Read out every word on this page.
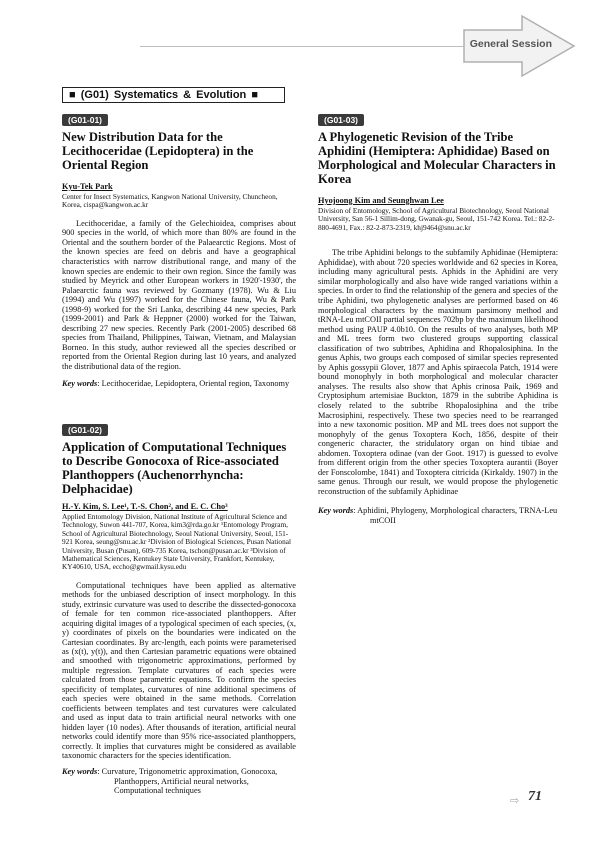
General Session
■ (G01) Systematics & Evolution ■
(G01-01)
New Distribution Data for the Lecithoceridae (Lepidoptera) in the Oriental Region
Kyu-Tek Park
Center for Insect Systematics, Kangwon National University, Chuncheon, Korea, cispa@kangwon.ac.kr
Lecithoceridae, a family of the Gelechioidea, comprises about 900 species in the world, of which more than 80% are found in the Oriental and the southern border of the Palaearctic Regions. Most of the known species are feed on debris and have a geographical characteristics with narrow distributional range, and many of the known species are endemic to their own region. Since the family was studied by Meyrick and other European workers in 1920'-1930', the Palaearctic fauna was reviewed by Gozmany (1978). Wu & Liu (1994) and Wu (1997) worked for the Chinese fauna, Wu & Park (1998-9) worked for the Sri Lanka, describing 44 new species, Park (1999-2001) and Park & Heppner (2000) worked for the Taiwan, describing 27 new species. Recently Park (2001-2005) described 68 species from Thailand, Philippines, Taiwan, Vietnam, and Malaysian Borneo. In this study, author reviewed all the species described or reported from the Oriental Region during last 10 years, and analyzed the distributional data of the region.
Key words: Lecithoceridae, Lepidoptera, Oriental region, Taxonomy
(G01-02)
Application of Computational Techniques to Describe Gonocoxa of Rice-associated Planthoppers (Auchenorrhyncha: Delphacidae)
H.-Y. Kim, S. Lee¹, T.-S. Chon², and E. C. Cho³
Applied Entomology Division, National Institute of Agricultural Science and Technology, Suwon 441-707, Korea, kim3@rda.go.kr ¹Entomology Program, School of Agricultural Biotechnology, Seoul National University, Seoul, 151-921 Korea, seung@snu.ac.kr ²Division of Biological Sciences, Pusan National University, Busan (Pusan), 609-735 Korea, tschon@pusan.ac.kr ³Division of Mathematical Sciences, Kentukey State University, Frankfort, Kentukey, KY40610, USA, eccho@gwmail.kysu.edu
Computational techniques have been applied as alternative methods for the unbiased description of insect morphology. In this study, extrinsic curvature was used to describe the dissected-gonocoxa of female for ten common rice-associated planthoppers. After acquiring digital images of a typological specimen of each species, (x, y) coordinates of pixels on the boundaries were indicated on the Cartesian coordinates. By arc-length, each points were parameterised as (x(t), y(t)), and then Cartesian parametric equations were obtained and smoothed with trigonometric approximations, performed by multiple regression. Template curvatures of each species were calculated from those parametric equations. To confirm the species specificity of templates, curvatures of nine additional specimens of each species were obtained in the same methods. Correlation coefficients between templates and test curvatures were calculated and used as input data to train artificial neural networks with one hidden layer (10 nodes). After thousands of iteration, artificial neural networks could identify more than 95% rice-associated planthoppers, correctly. It implies that curvatures might be considered as available taxonomic characters for the species identification.
Key words: Curvature, Trigonometric approximation, Gonocoxa, Planthoppers, Artificial neural networks, Computational techniques
(G01-03)
A Phylogenetic Revision of the Tribe Aphidini (Hemiptera: Aphididae) Based on Morphological and Molecular Characters in Korea
Hyojoong Kim and Seunghwan Lee
Division of Entomology, School of Agricultural Biotechnology, Seoul National University, San 56-1 Sillim-dong, Gwanak-gu, Seoul, 151-742 Korea. Tel.: 82-2-880-4691, Fax.: 82-2-873-2319, khj9464@snu.ac.kr
The tribe Aphidini belongs to the subfamily Aphidinae (Hemiptera: Aphididae), with about 720 species worldwide and 62 species in Korea, including many agricultural pests. Aphids in the Aphidini are very similar morphologically and also have wide ranged variations within a species. In order to find the relationship of the genera and species of the tribe Aphidini, two phylogenetic analyses are performed based on 46 morphological characters by the maximum parsimony method and tRNA-Leu mtCOII partial sequences 702bp by the maximum likelihood method using PAUP 4.0b10. On the results of two analyses, both MP and ML trees form two clustered groups supporting classical classification of two subtribes, Aphidina and Rhopalosiphina. In the genus Aphis, two groups each composed of similar species represented by Aphis gossypii Glover, 1877 and Aphis spiraecola Patch, 1914 were bound monophyly in both morphological and molecular character analyses. The results also show that Aphis crinosa Paik, 1969 and Cryptosiphum artemisiae Buckton, 1879 in the subtribe Aphidina is closely related to the subtribe Rhopalosiphina and the tribe Macrosiphini, respectively. These two species need to be rearranged into a new taxonomic position. MP and ML trees does not support the monophyly of the genus Toxoptera Koch, 1856, despite of their congeneric character, the stridulatory organ on hind tibiae and abdomen. Toxoptera odinae (van der Goot. 1917) is guessed to evolve from different origin from the other species Toxoptera aurantii (Boyer der Fonscolombe, 1841) and Toxoptera citricida (Kirkaldy. 1907) in the same genus. Through our result, we would propose the phylogenetic reconstruction of the subfamily Aphidinae
Key words: Aphidini, Phylogeny, Morphological characters, TRNA-Leu mtCOII
⇨ 71
